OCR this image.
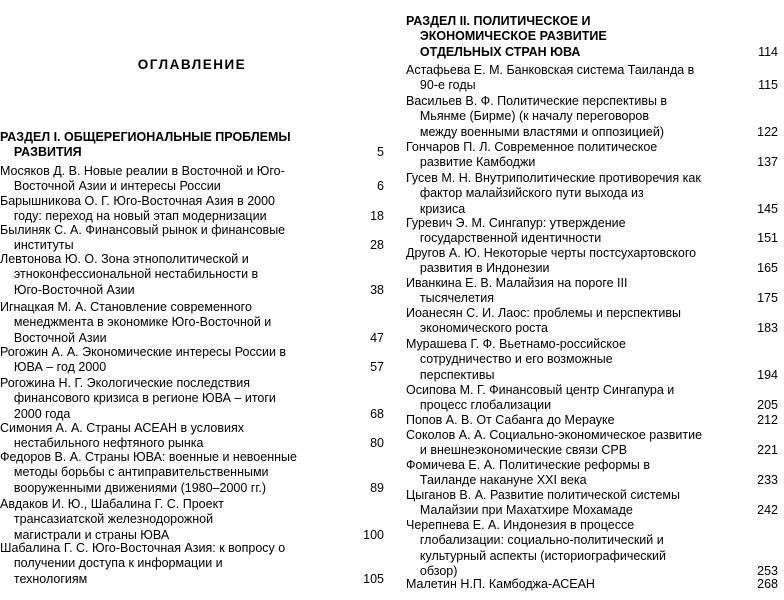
ОГЛАВЛЕНИЕ
РАЗДЕЛ I. ОБЩЕРЕГИОНАЛЬНЫЕ ПРОБЛЕМЫ
РАЗВИТИЯ	5
Мосяков Д. В. Новые реалии в Восточной и Юго-
Восточной Азии и интересы России	6
Барышникова О. Г. Юго-Восточная Азия в 2000
году: переход на новый этап модернизации	18
Былиняк С. А. Финансовый рынок и финансовые
институты	28
Левтонова Ю. О. Зона этнополитической и
этноконфессиональной нестабильности в
Юго-Восточной Азии	38
Игнацкая М. А. Становление современного
менеджмента в экономике Юго-Восточной и
Восточной Азии	47
Рогожин А. А. Экономические интересы России в
ЮВА – год 2000	57
Рогожина Н. Г. Экологические последствия
финансового кризиса в регионе ЮВА – итоги
2000 года	68
Симония А. А. Страны АСЕАН в условиях
нестабильного нефтяного рынка	80
Федоров В. А. Страны ЮВА: военные и невоенные
методы борьбы с антиправительственными
вооруженными движениями (1980–2000 гг.)	89
Авдаков И. Ю., Шабалина Г. С. Проект
трансазиатской железнодорожной
магистрали и страны ЮВА	100
Шабалина Г. С. Юго-Восточная Азия: к вопросу о
получении доступа к информации и
технологиям	105
РАЗДЕЛ II. ПОЛИТИЧЕСКОЕ И
ЭКОНОМИЧЕСКОЕ РАЗВИТИЕ
ОТДЕЛЬНЫХ СТРАН ЮВА	114
Астафьева Е. М. Банковская система Таиланда в
90-е годы	115
Васильев В. Ф. Политические перспективы в
Мьянме (Бирме) (к началу переговоров
между военными властями и оппозицией)	122
Гончаров П. Л. Современное политическое
развитие Камбоджи	137
Гусев М. Н. Внутриполитические противоречия как
фактор малайзийского пути выхода из
кризиса	145
Гуревич Э. М. Сингапур: утверждение
государственной идентичности	151
Другов А. Ю. Некоторые черты постсухартовского
развития в Индонезии	165
Иванкина Е. В. Малайзия на пороге III
тысячелетия	175
Иоанесян С. И. Лаос: проблемы и перспективы
экономического роста	183
Мурашева Г. Ф. Вьетнамо-российское
сотрудничество и его возможные
перспективы	194
Осипова М. Г. Финансовый центр Сингапура и
процесс глобализации	205
Попов А. В. От Сабанга до Мерауке	212
Соколов А. А. Социально-экономическое развитие
и внешнеэкономические связи СРВ	221
Фомичева Е. А. Политические реформы в
Таиланде накануне XXI века	233
Цыганов В. А. Развитие политической системы
Малайзии при Махатхире Мохамаде	242
Черепнева Е. А. Индонезия в процессе
глобализации: социально-политический и
культурный аспекты (историографический
обзор)	253
Малетин Н.П. Камбоджа-АСЕАН	268
